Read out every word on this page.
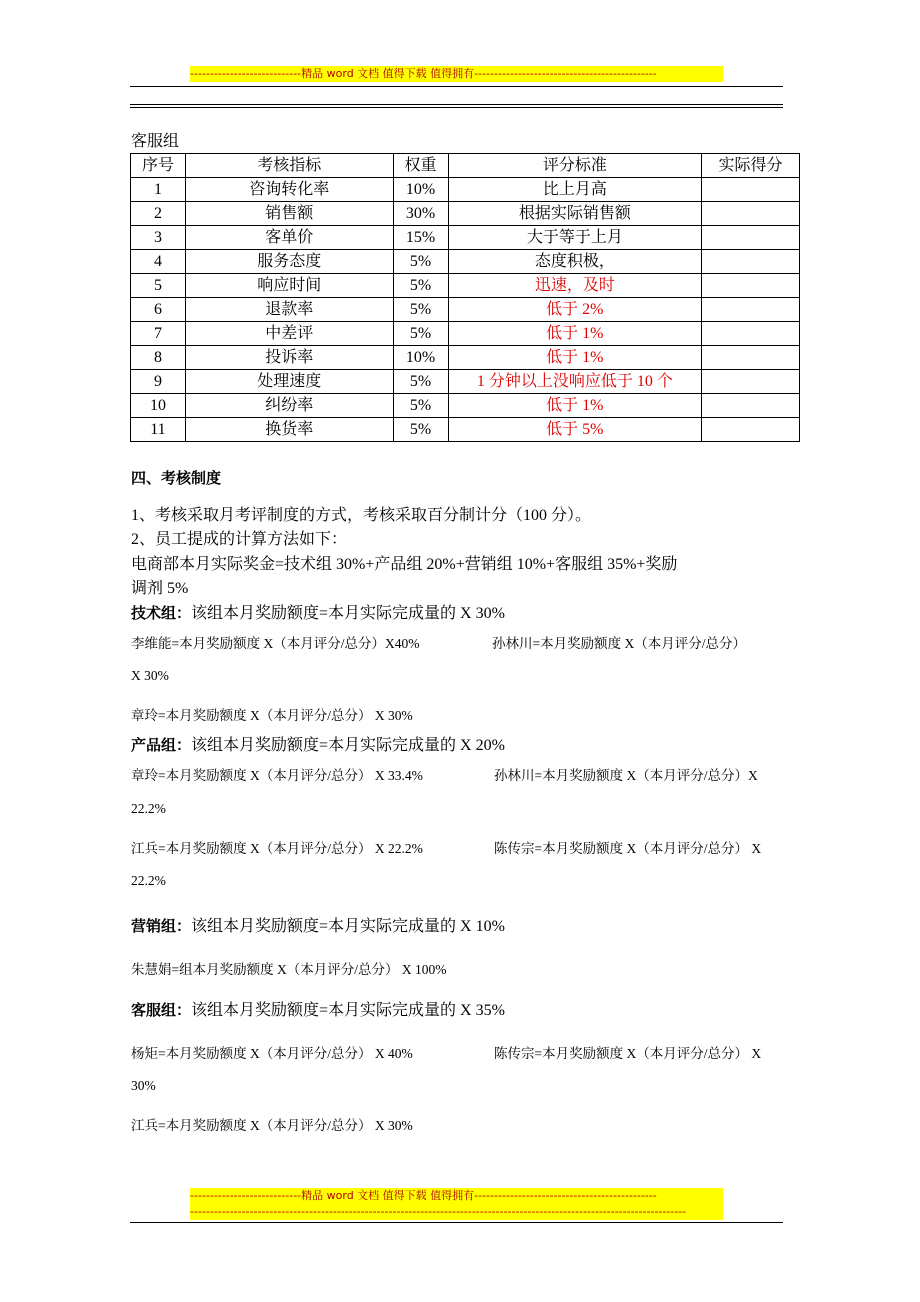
----------------------------精品 word 文档 值得下载 值得拥有----------------------------------------------
客服组
序号	考核指标	权重	评分标准	实际得分
1	咨询转化率	10%	比上月高	
2	销售额	30%	根据实际销售额	
3	客单价	15%	大于等于上月	
4	服务态度	5%	态度积极，	
5	响应时间	5%	迅速，及时	
6	退款率	5%	低于 2%	
7	中差评	5%	低于 1%	
8	投诉率	10%	低于 1%	
9	处理速度	5%	1 分钟以上没响应低于 10 个	
10	纠纷率	5%	低于 1%	
11	换货率	5%	低于 5%	
四、考核制度
1、考核采取月考评制度的方式，考核采取百分制计分（100 分）。
2、员工提成的计算方法如下：
电商部本月实际奖金=技术组 30%+产品组 20%+营销组 10%+客服组 35%+奖励
调剂 5%
技术组：该组本月奖励额度=本月实际完成量的 X 30%
李维能=本月奖励额度 X（本月评分/总分）X40%	孙林川=本月奖励额度 X（本月评分/总分）
X 30%
章玲=本月奖励额度 X（本月评分/总分） X 30%
产品组：该组本月奖励额度=本月实际完成量的 X 20%
章玲=本月奖励额度 X（本月评分/总分） X 33.4%	孙林川=本月奖励额度 X（本月评分/总分）X
22.2%
江兵=本月奖励额度 X（本月评分/总分） X 22.2%	陈传宗=本月奖励额度 X（本月评分/总分） X
22.2%
营销组：该组本月奖励额度=本月实际完成量的 X 10%
朱慧娟=组本月奖励额度 X（本月评分/总分） X 100%
客服组：该组本月奖励额度=本月实际完成量的 X 35%
杨矩=本月奖励额度 X（本月评分/总分） X 40%	陈传宗=本月奖励额度 X（本月评分/总分） X
30%
江兵=本月奖励额度 X（本月评分/总分） X 30%
----------------------------精品 word 文档 值得下载 值得拥有----------------------------------------------
-----------------------------------------------------------------------------------------------------------------------------
